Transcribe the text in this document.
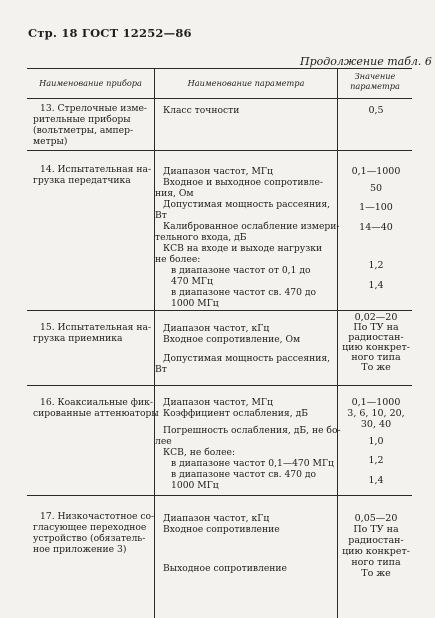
Стр. 18 ГОСТ 12252—86
Продолжение табл. 6
Наименование прибора	Наименование параметра
Значение
параметра
13. Стрелочные изме-
рительные приборы
(вольтметры, ампер-
метры)
Класс точности	0,5
14. Испытательная на-
грузка передатчика
Диапазон частот, МГц
Входное и выходное сопротивле-
ния, Ом
Допустимая мощность рассеяния,
Вт
Калиброванное ослабление измери-
тельного входа, дБ
КСВ на входе и выходе нагрузки
не более:
в диапазоне частот от 0,1 до
470 МГц
в диапазоне частот св. 470 до
1000 МГц
0,1—1000
50
1—100
14—40
1,2
1,4
15. Испытательная на-
грузка приемника
Диапазон частот, кГц
Входное сопротивление, Ом
Допустимая мощность рассеяния,
Вт
0,02—20
По ТУ на
радиостан-
цию конкрет-
ного типа
То же
16. Коаксиальные фик-
сированные аттенюаторы
Диапазон частот, МГц
Коэффициент ослабления, дБ
Погрешность ослабления, дБ, не бо-
лее
КСВ, не более:
в диапазоне частот 0,1—470 МГц
в диапазоне частот св. 470 до
1000 МГц
0,1—1000
3, 6, 10, 20,
30, 40
1,0
1,2
1,4
17. Низкочастотное со-
гласующее переходное
устройство (обязатель-
ное приложение 3)
Диапазон частот, кГц
Входное сопротивление
Выходное сопротивление
0,05—20
По ТУ на
радиостан-
цию конкрет-
ного типа
То же
